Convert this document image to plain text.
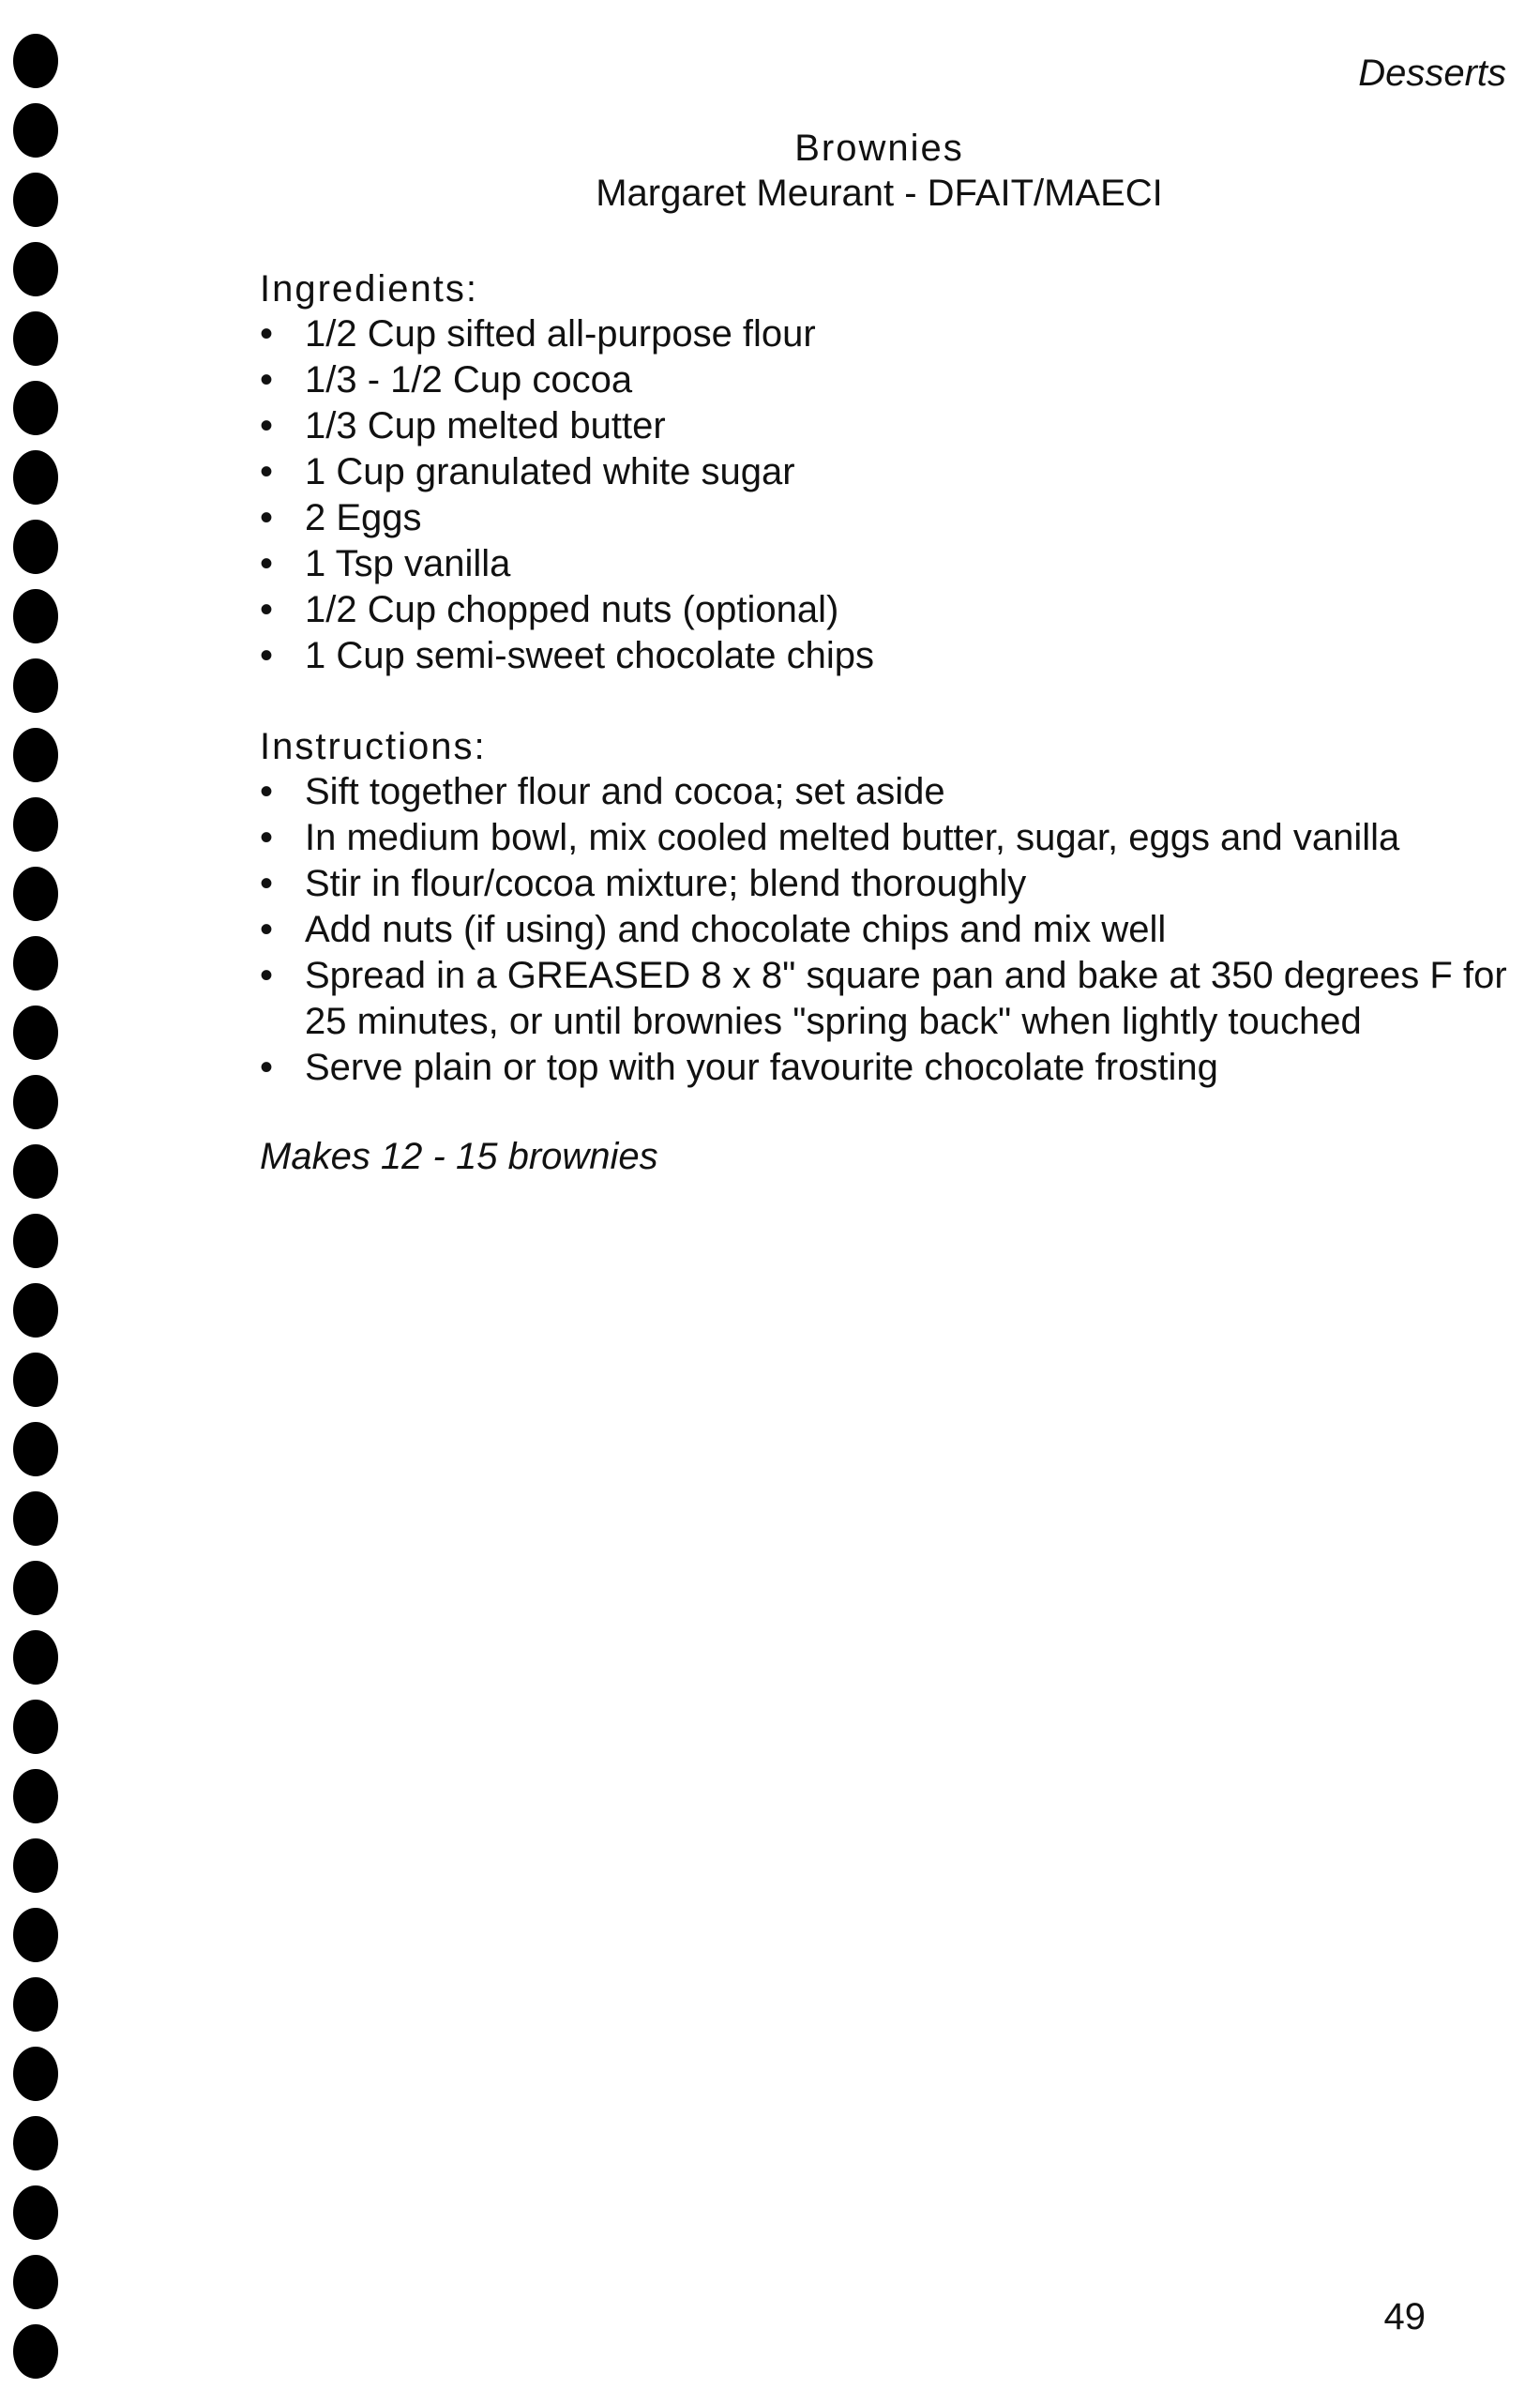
Desserts
Brownies
Margaret Meurant - DFAIT/MAECI
Ingredients:
• 1/2 Cup sifted all-purpose flour
• 1/3 - 1/2 Cup cocoa
• 1/3 Cup melted butter
• 1 Cup granulated white sugar
• 2 Eggs
• 1 Tsp vanilla
• 1/2 Cup chopped nuts (optional)
• 1 Cup semi-sweet chocolate chips
Instructions:
• Sift together flour and cocoa; set aside
• In medium bowl, mix cooled melted butter, sugar, eggs and vanilla
• Stir in flour/cocoa mixture; blend thoroughly
• Add nuts (if using) and chocolate chips and mix well
• Spread in a GREASED 8 x 8" square pan and bake at 350 degrees F for 25 minutes, or until brownies "spring back" when lightly touched
• Serve plain or top with your favourite chocolate frosting
Makes 12 - 15 brownies
49
